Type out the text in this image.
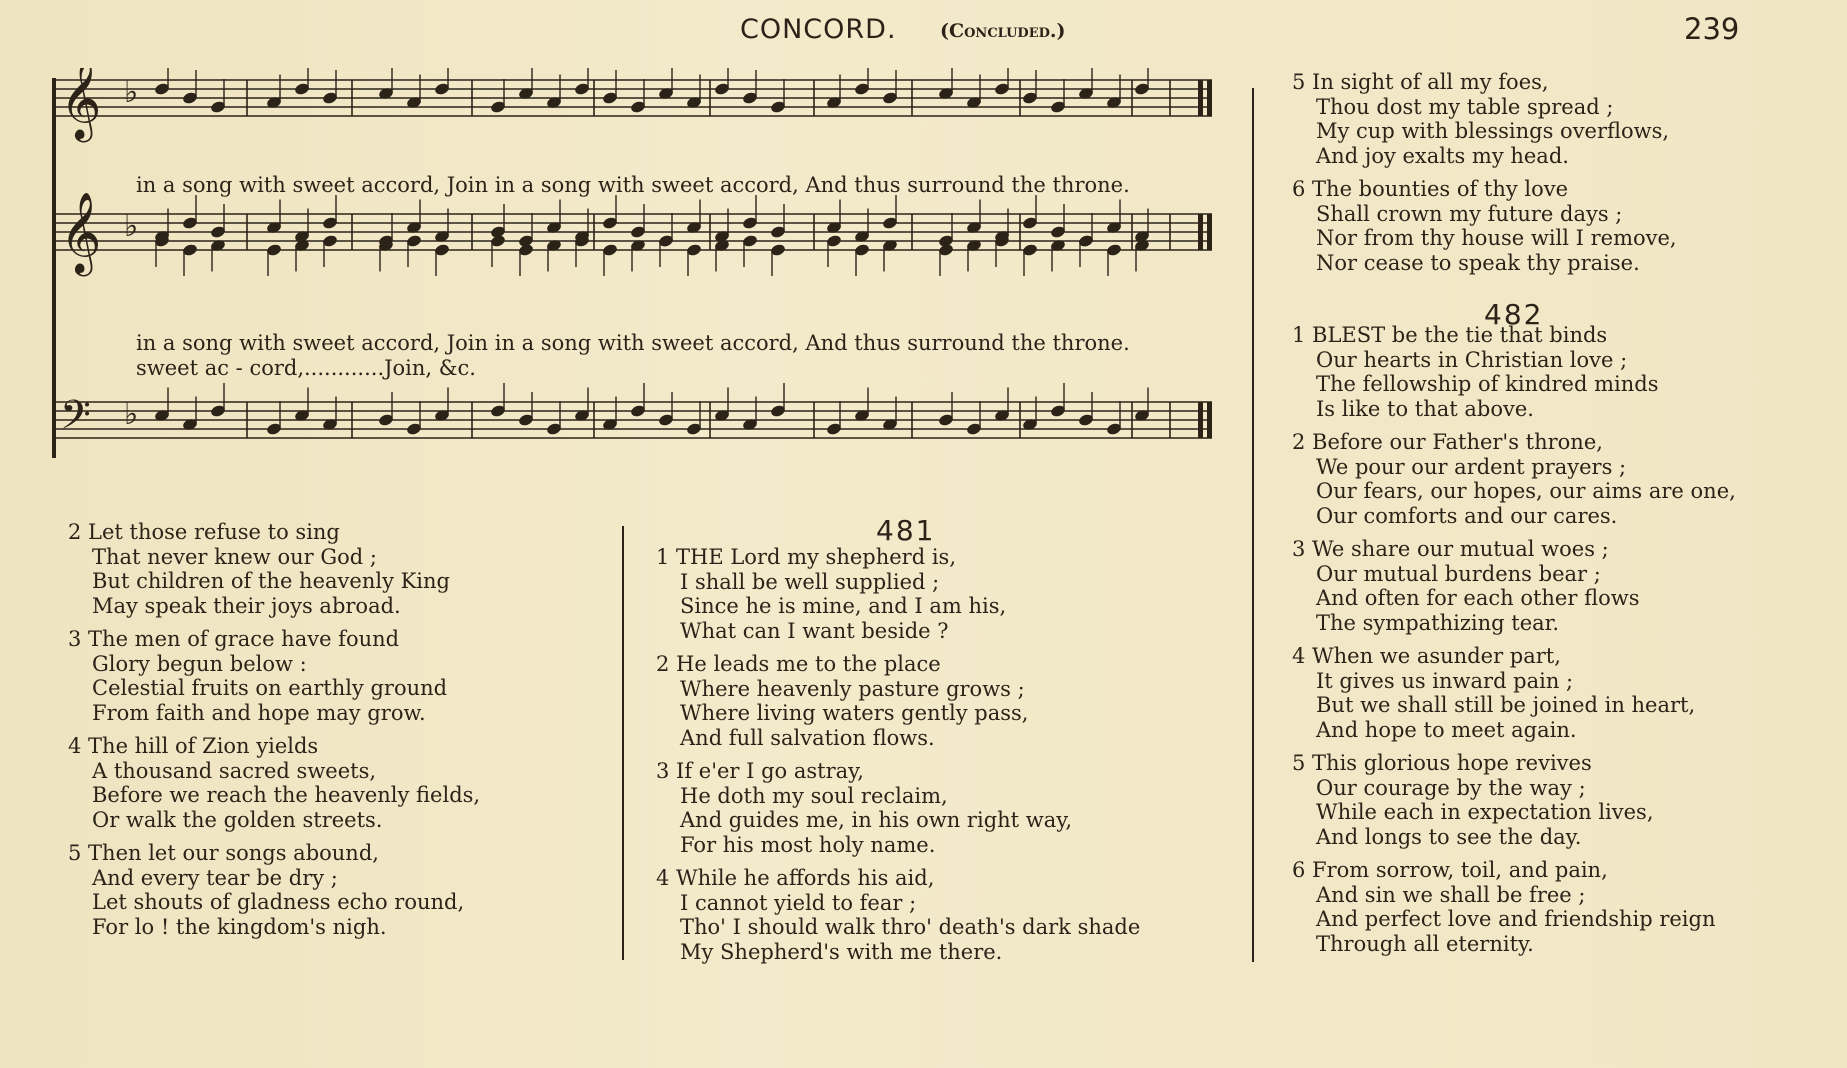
CONCORD. (Concluded.)	239
𝄞 ♭
𝄞 ♭
𝄢 ♭
in a song with sweet accord, Join in a song with sweet accord, And thus surround the throne.
in a song with sweet accord, Join in a song with sweet accord, And thus surround the throne.
sweet ac - cord,............Join, &c.
2 Let those refuse to sing
That never knew our God ;
But children of the heavenly King
May speak their joys abroad.
3 The men of grace have found
Glory begun below :
Celestial fruits on earthly ground
From faith and hope may grow.
4 The hill of Zion yields
A thousand sacred sweets,
Before we reach the heavenly fields,
Or walk the golden streets.
5 Then let our songs abound,
And every tear be dry ;
Let shouts of gladness echo round,
For lo ! the kingdom's nigh.
481
1 THE Lord my shepherd is,
I shall be well supplied ;
Since he is mine, and I am his,
What can I want beside ?
2 He leads me to the place
Where heavenly pasture grows ;
Where living waters gently pass,
And full salvation flows.
3 If e'er I go astray,
He doth my soul reclaim,
And guides me, in his own right way,
For his most holy name.
4 While he affords his aid,
I cannot yield to fear ;
Tho' I should walk thro' death's dark shade
My Shepherd's with me there.
5 In sight of all my foes,
Thou dost my table spread ;
My cup with blessings overflows,
And joy exalts my head.
6 The bounties of thy love
Shall crown my future days ;
Nor from thy house will I remove,
Nor cease to speak thy praise.
482
1 BLEST be the tie that binds
Our hearts in Christian love ;
The fellowship of kindred minds
Is like to that above.
2 Before our Father's throne,
We pour our ardent prayers ;
Our fears, our hopes, our aims are one,
Our comforts and our cares.
3 We share our mutual woes ;
Our mutual burdens bear ;
And often for each other flows
The sympathizing tear.
4 When we asunder part,
It gives us inward pain ;
But we shall still be joined in heart,
And hope to meet again.
5 This glorious hope revives
Our courage by the way ;
While each in expectation lives,
And longs to see the day.
6 From sorrow, toil, and pain,
And sin we shall be free ;
And perfect love and friendship reign
Through all eternity.
